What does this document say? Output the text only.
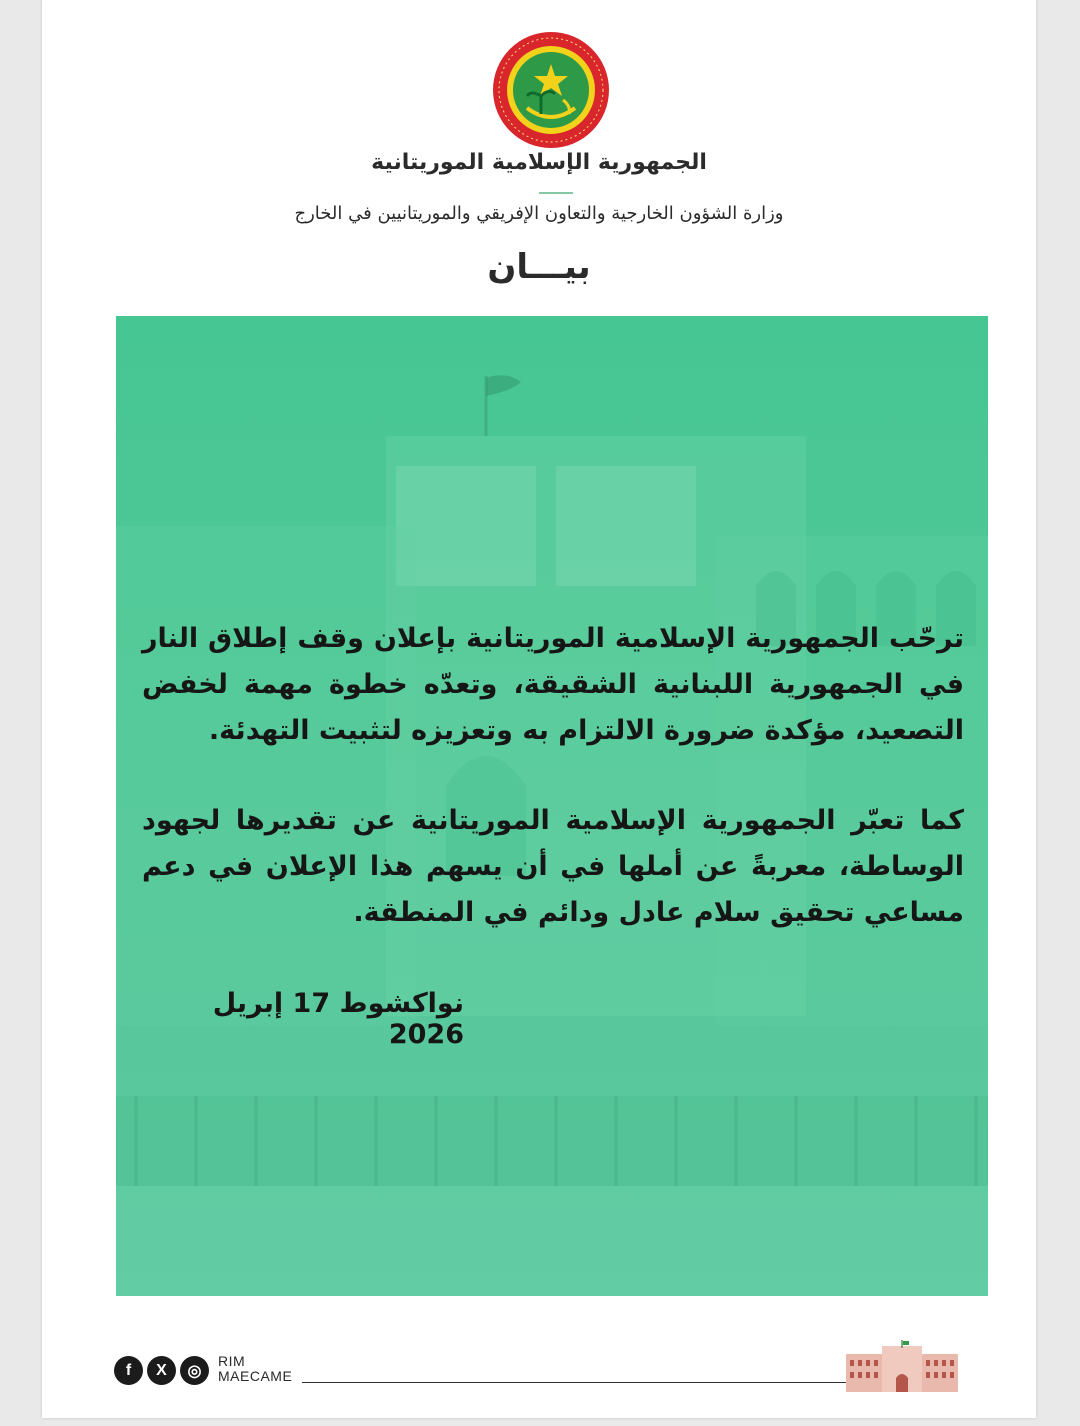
الجمهورية الإسلامية الموريتانية
وزارة الشؤون الخارجية والتعاون الإفريقي والموريتانيين في الخارج
بيـــان

ترحّب الجمهورية الإسلامية الموريتانية بإعلان وقف إطلاق النار في الجمهورية اللبنانية الشقيقة، وتعدّه خطوة مهمة لخفض التصعيد، مؤكدة ضرورة الالتزام به وتعزيزه لتثبيت التهدئة.

كما تعبّر الجمهورية الإسلامية الموريتانية عن تقديرها لجهود الوساطة، معربةً عن أملها في أن يسهم هذا الإعلان في دعم مساعي تحقيق سلام عادل ودائم في المنطقة.

نواكشوط 17 إبريل 2026
f	X	◎
RIM
MAECAME
